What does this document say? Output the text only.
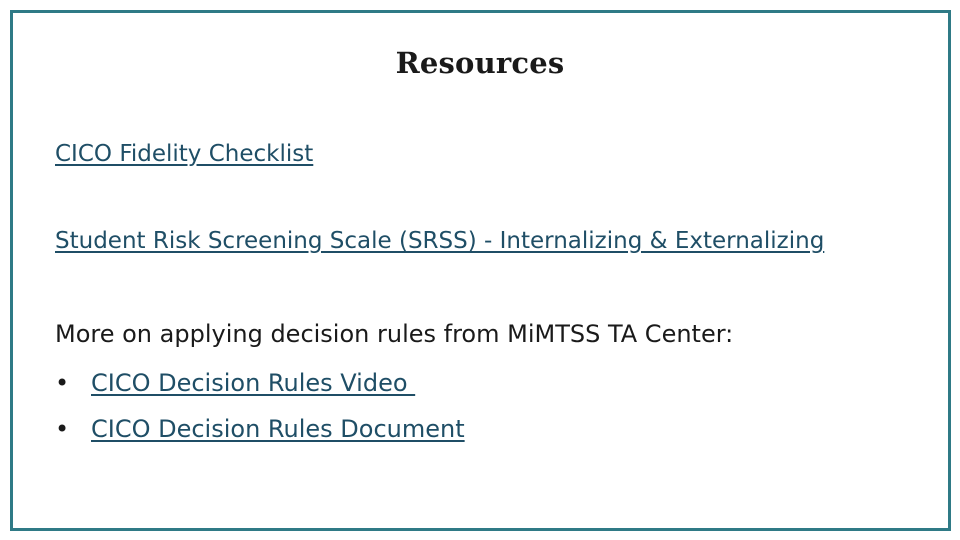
Resources
CICO Fidelity Checklist
Student Risk Screening Scale (SRSS) - Internalizing & Externalizing
More on applying decision rules from MiMTSS TA Center:
• CICO Decision Rules Video
• CICO Decision Rules Document
